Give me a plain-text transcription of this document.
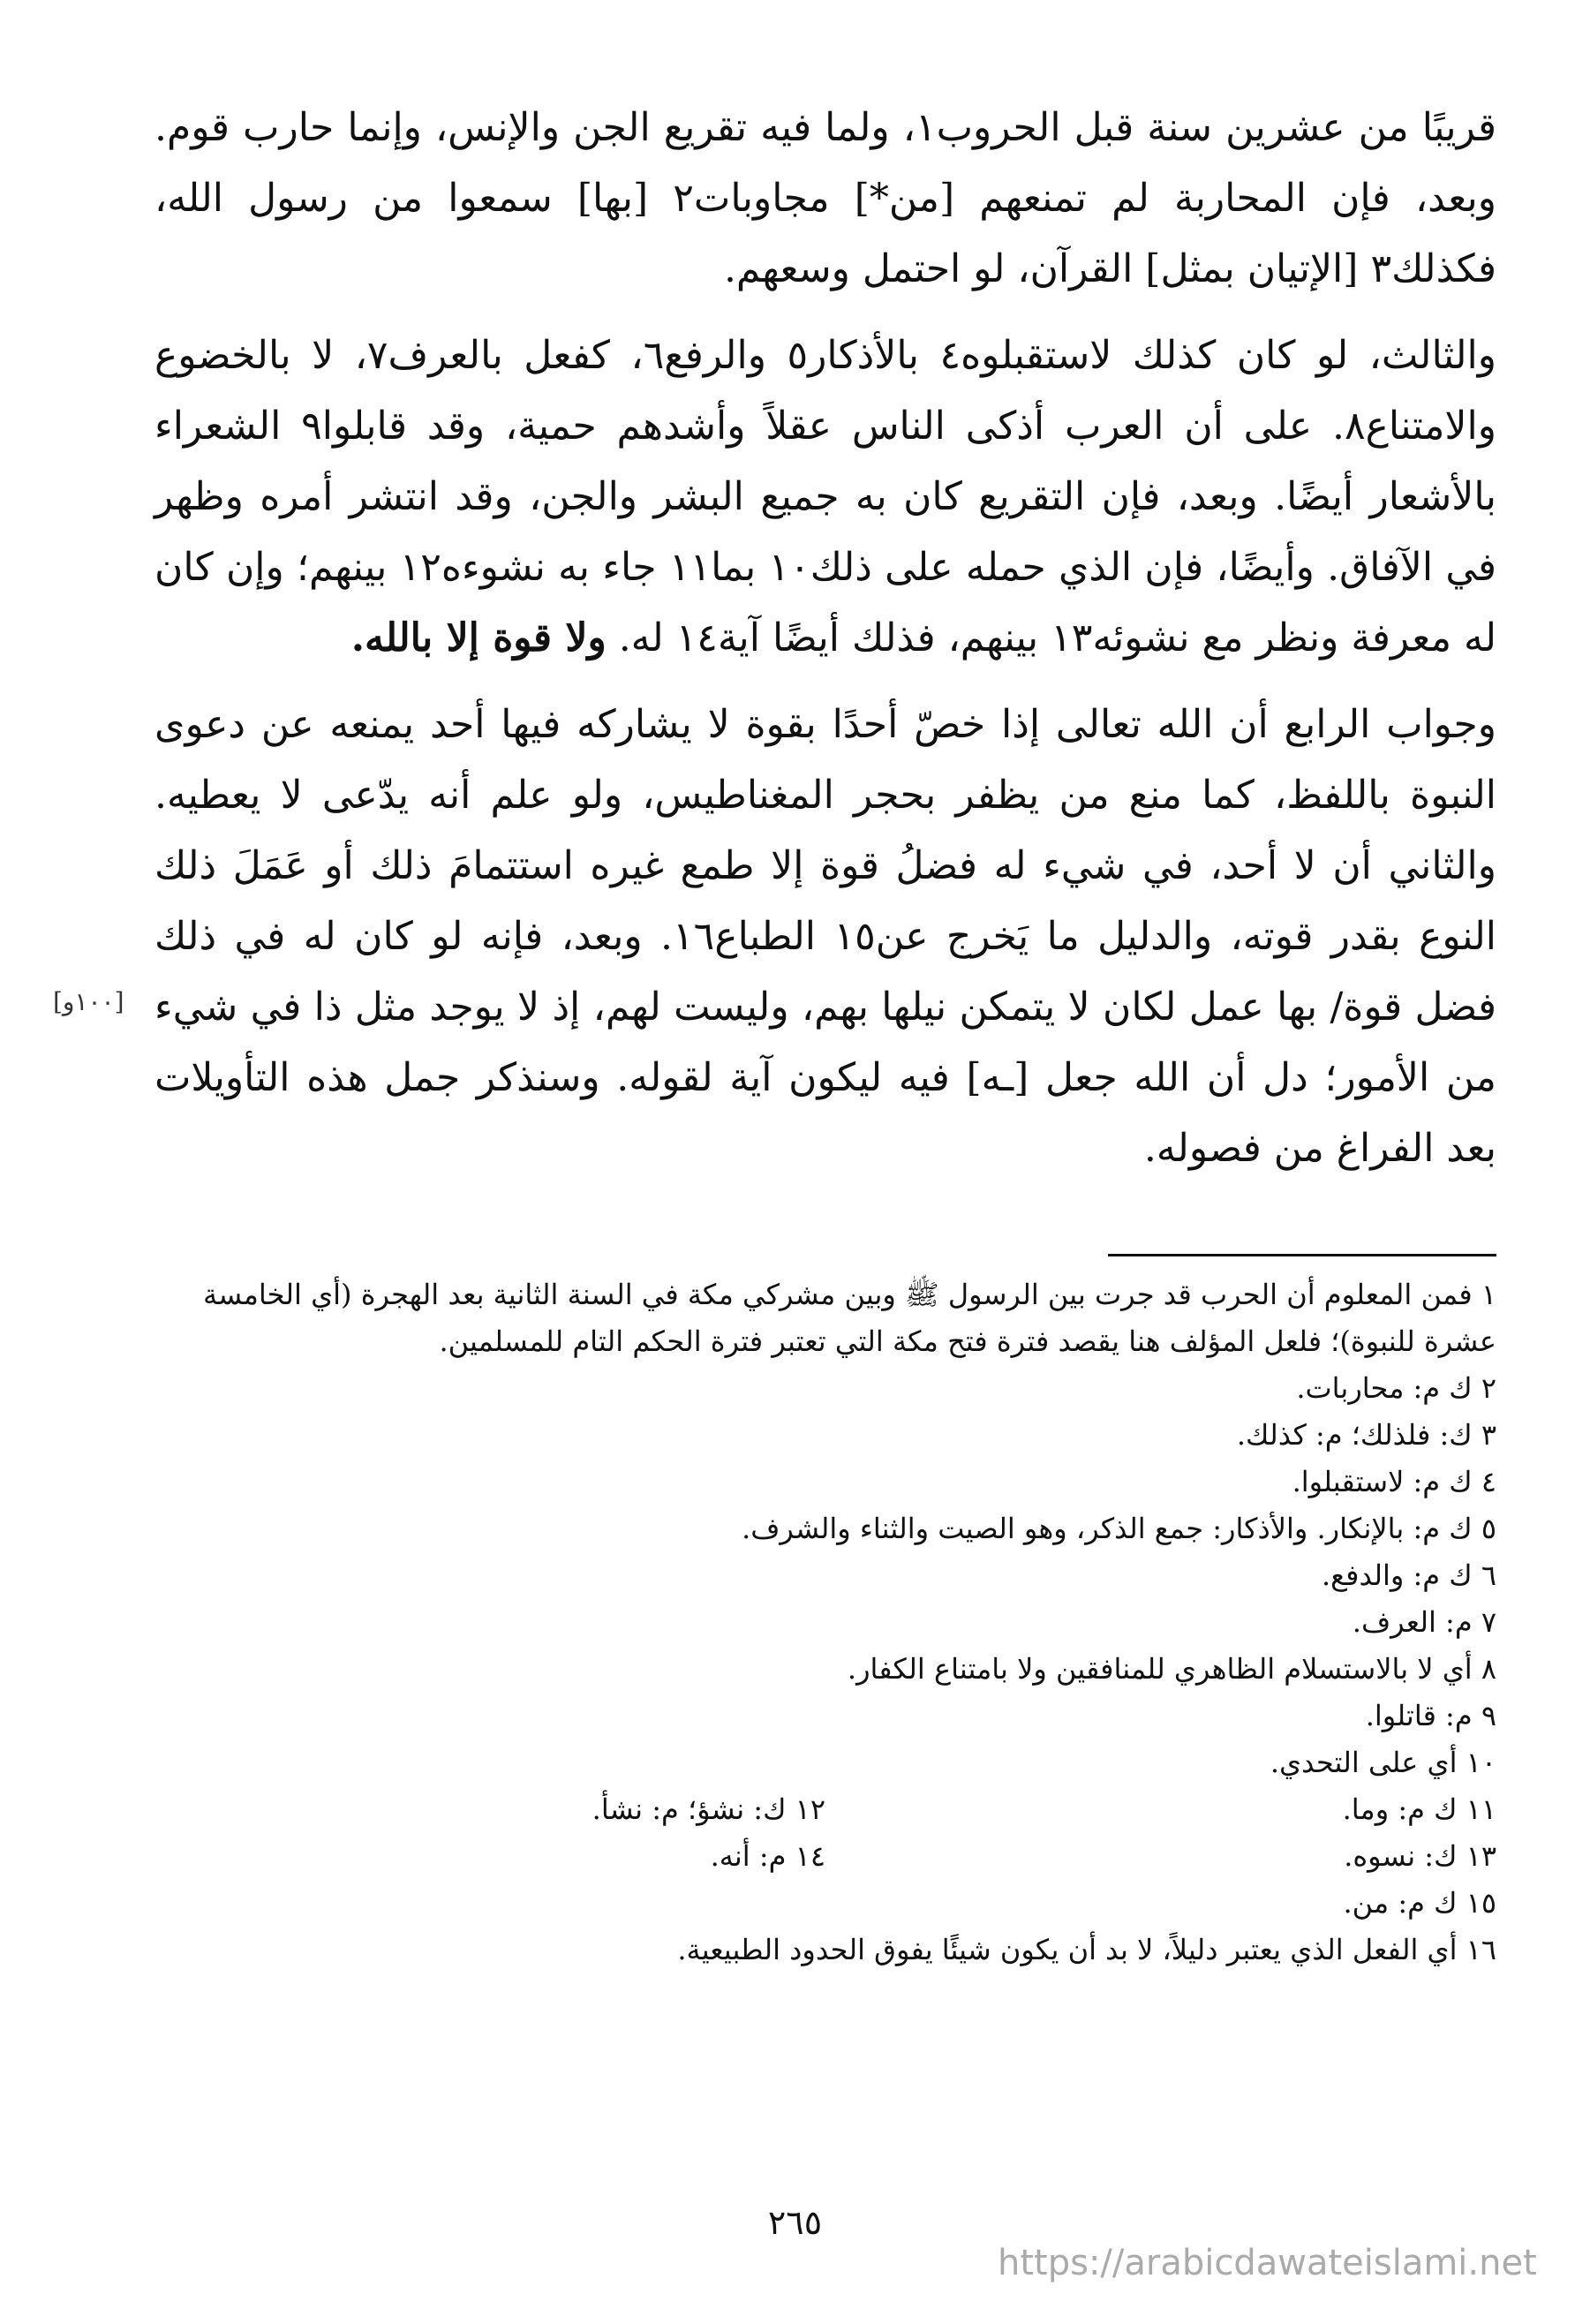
قريبًا من عشرين سنة قبل الحروب١، ولما فيه تقريع الجن والإنس، وإنما حارب قوم. وبعد، فإن المحاربة لم تمنعهم [من*] مجاوبات٢ [بها] سمعوا من رسول الله، فكذلك٣ [الإتيان بمثل] القرآن، لو احتمل وسعهم.

والثالث، لو كان كذلك لاستقبلوه٤ بالأذكار٥ والرفع٦، كفعل بالعرف٧، لا بالخضوع والامتناع٨. على أن العرب أذكى الناس عقلاً وأشدهم حمية، وقد قابلوا٩ الشعراء بالأشعار أيضًا. وبعد، فإن التقريع كان به جميع البشر والجن، وقد انتشر أمره وظهر في الآفاق. وأيضًا، فإن الذي حمله على ذلك١٠ بما١١ جاء به نشوءه١٢ بينهم؛ وإن كان له معرفة ونظر مع نشوئه١٣ بينهم، فذلك أيضًا آية١٤ له. ولا قوة إلا بالله.

وجواب الرابع أن الله تعالى إذا خصّ أحدًا بقوة لا يشاركه فيها أحد يمنعه عن دعوى النبوة باللفظ، كما منع من يظفر بحجر المغناطيس، ولو علم أنه يدّعى لا يعطيه. والثاني أن لا أحد، في شيء له فضلُ قوة إلا طمع غيره استتمامَ ذلك أو عَمَلَ ذلك النوع بقدر قوته، والدليل ما يَخرج عن١٥ الطباع١٦. وبعد، فإنه لو كان له في ذلك فضل قوة/ بها عمل لكان لا يتمكن نيلها بهم، وليست لهم، إذ لا يوجد مثل ذا في شيء من الأمور؛ دل أن الله جعل [ـه] فيه ليكون آية لقوله. وسنذكر جمل هذه التأويلات بعد الفراغ من فصوله.

[١٠٠و]

١ فمن المعلوم أن الحرب قد جرت بين الرسول ﷺ وبين مشركي مكة في السنة الثانية بعد الهجرة (أي الخامسة عشرة للنبوة)؛ فلعل المؤلف هنا يقصد فترة فتح مكة التي تعتبر فترة الحكم التام للمسلمين.

٢ ك م: محاربات.

٣ ك: فلذلك؛ م: كذلك.

٤ ك م: لاستقبلوا.

٥ ك م: بالإنكار. والأذكار: جمع الذكر، وهو الصيت والثناء والشرف.

٦ ك م: والدفع.

٧ م: العرف.

٨ أي لا بالاستسلام الظاهري للمنافقين ولا بامتناع الكفار.

٩ م: قاتلوا.

١٠ أي على التحدي.

١١ ك م: وما.
١٢ ك: نشؤ؛ م: نشأ.
١٣ ك: نسوه.
١٤ م: أنه.

١٥ ك م: من.

١٦ أي الفعل الذي يعتبر دليلاً، لا بد أن يكون شيئًا يفوق الحدود الطبيعية.

٢٦٥
https://arabicdawateislami.net
